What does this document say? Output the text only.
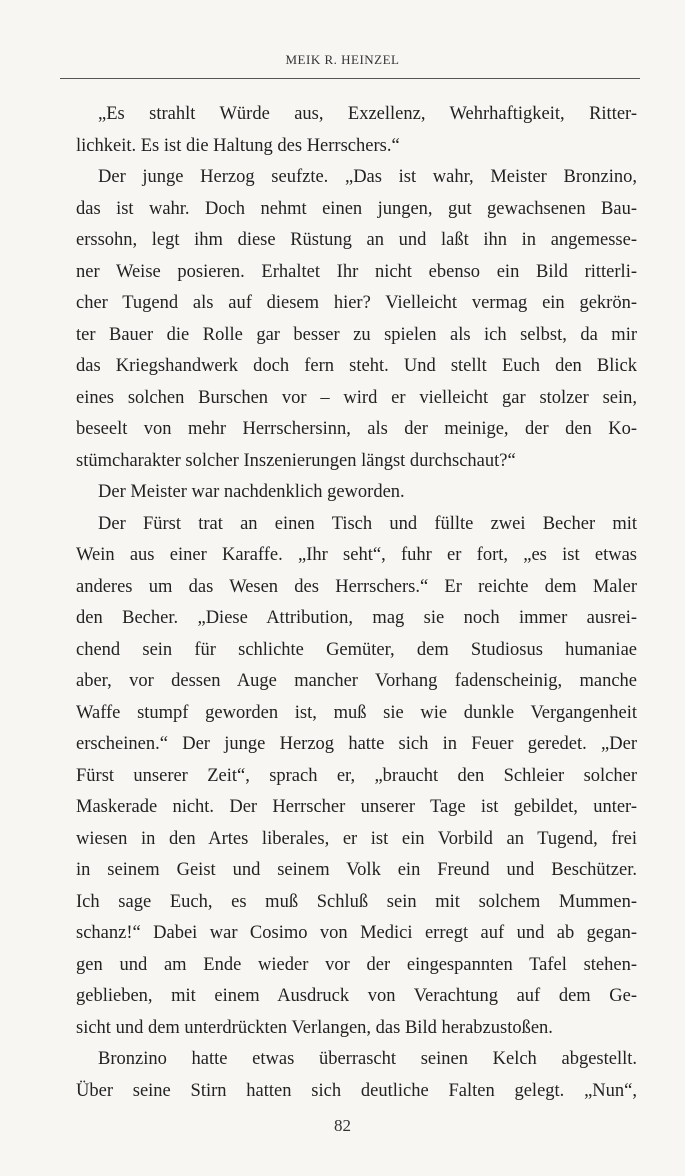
MEIK R. HEINZEL
„Es strahlt Würde aus, Exzellenz, Wehrhaftigkeit, Ritter-
lichkeit. Es ist die Haltung des Herrschers.“
Der junge Herzog seufzte. „Das ist wahr, Meister Bronzino,
das ist wahr. Doch nehmt einen jungen, gut gewachsenen Bau-
erssohn, legt ihm diese Rüstung an und laßt ihn in angemesse-
ner Weise posieren. Erhaltet Ihr nicht ebenso ein Bild ritterli-
cher Tugend als auf diesem hier? Vielleicht vermag ein gekrön-
ter Bauer die Rolle gar besser zu spielen als ich selbst, da mir
das Kriegshandwerk doch fern steht. Und stellt Euch den Blick
eines solchen Burschen vor – wird er vielleicht gar stolzer sein,
beseelt von mehr Herrschersinn, als der meinige, der den Ko-
stümcharakter solcher Inszenierungen längst durchschaut?“
Der Meister war nachdenklich geworden.
Der Fürst trat an einen Tisch und füllte zwei Becher mit
Wein aus einer Karaffe. „Ihr seht“, fuhr er fort, „es ist etwas
anderes um das Wesen des Herrschers.“ Er reichte dem Maler
den Becher. „Diese Attribution, mag sie noch immer ausrei-
chend sein für schlichte Gemüter, dem Studiosus humaniae
aber, vor dessen Auge mancher Vorhang fadenscheinig, manche
Waffe stumpf geworden ist, muß sie wie dunkle Vergangenheit
erscheinen.“ Der junge Herzog hatte sich in Feuer geredet. „Der
Fürst unserer Zeit“, sprach er, „braucht den Schleier solcher
Maskerade nicht. Der Herrscher unserer Tage ist gebildet, unter-
wiesen in den Artes liberales, er ist ein Vorbild an Tugend, frei
in seinem Geist und seinem Volk ein Freund und Beschützer.
Ich sage Euch, es muß Schluß sein mit solchem Mummen-
schanz!“ Dabei war Cosimo von Medici erregt auf und ab gegan-
gen und am Ende wieder vor der eingespannten Tafel stehen-
geblieben, mit einem Ausdruck von Verachtung auf dem Ge-
sicht und dem unterdrückten Verlangen, das Bild herabzustoßen.
Bronzino hatte etwas überrascht seinen Kelch abgestellt.
Über seine Stirn hatten sich deutliche Falten gelegt. „Nun“,
82
